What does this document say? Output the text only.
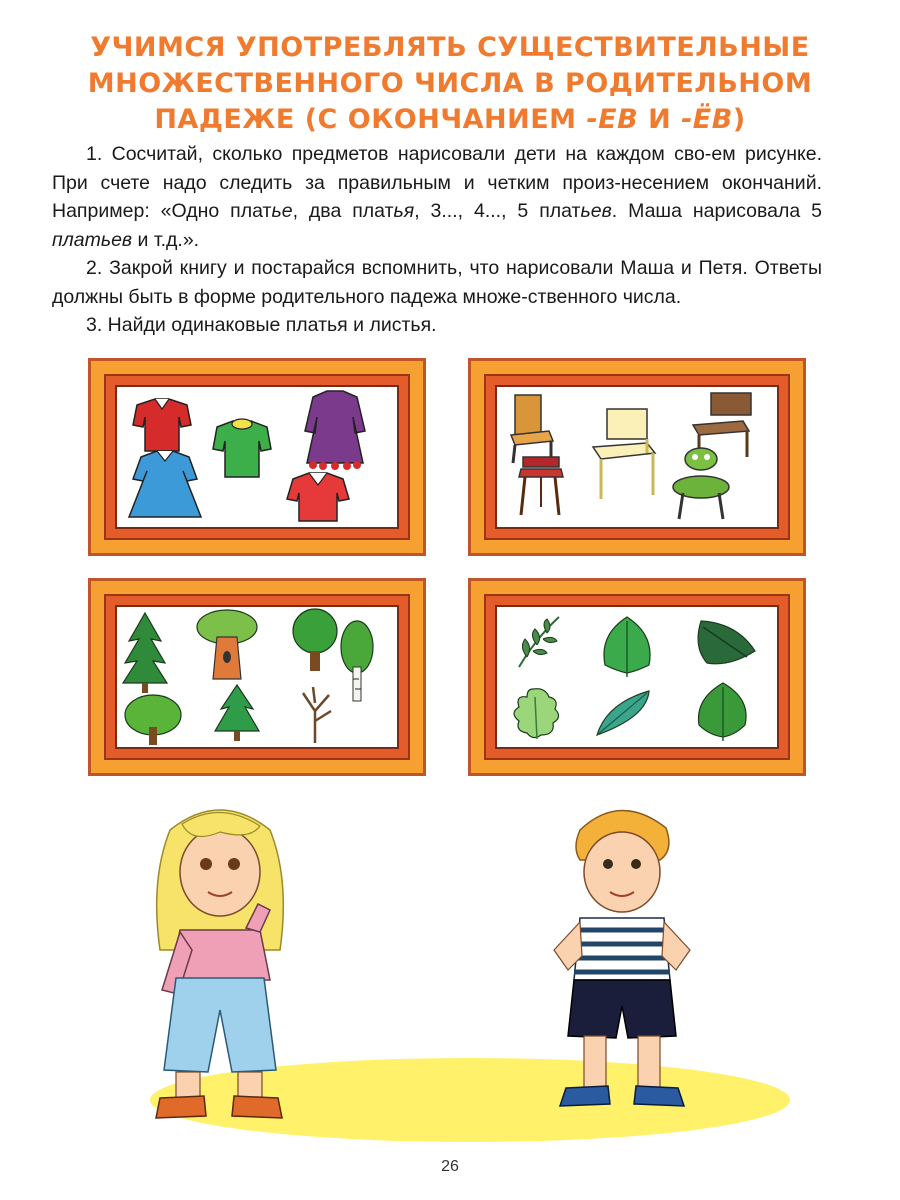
УЧИМСЯ УПОТРЕБЛЯТЬ СУЩЕСТВИТЕЛЬНЫЕ
МНОЖЕСТВЕННОГО ЧИСЛА В РОДИТЕЛЬНОМ
ПАДЕЖЕ (С ОКОНЧАНИЕМ -ЕВ И -ЁВ)

1. Сосчитай, сколько предметов нарисовали дети на каждом сво-ем рисунке. При счете надо следить за правильным и четким произ-несением окончаний. Например: «Одно платье, два платья, 3..., 4..., 5 платьев. Маша нарисовала 5 платьев и т.д.».

2. Закрой книгу и постарайся вспомнить, что нарисовали Маша и Петя. Ответы должны быть в форме родительного падежа множе-ственного числа.

3. Найди одинаковые платья и листья.

26
